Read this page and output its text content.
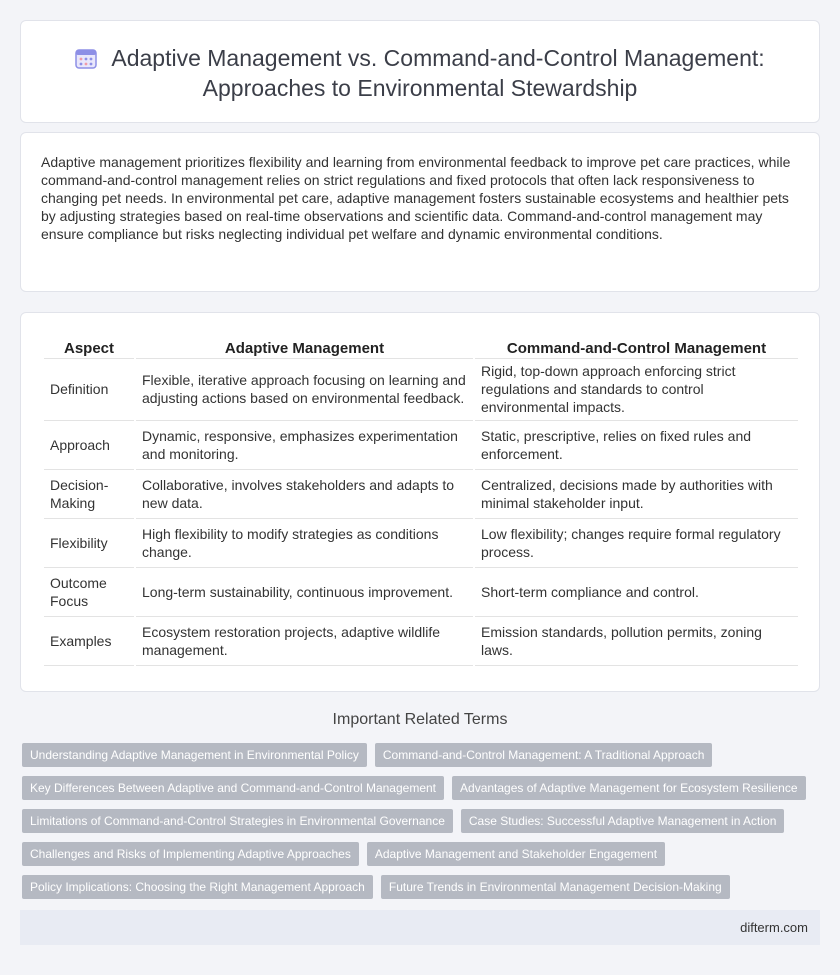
Adaptive Management vs. Command-and-Control Management: Approaches to Environmental Stewardship

Adaptive management prioritizes flexibility and learning from environmental feedback to improve pet care practices, while command-and-control management relies on strict regulations and fixed protocols that often lack responsiveness to changing pet needs. In environmental pet care, adaptive management fosters sustainable ecosystems and healthier pets by adjusting strategies based on real-time observations and scientific data. Command-and-control management may ensure compliance but risks neglecting individual pet welfare and dynamic environmental conditions.

Aspect	Adaptive Management	Command-and-Control Management
Definition	Flexible, iterative approach focusing on learning and adjusting actions based on environmental feedback.	Rigid, top-down approach enforcing strict regulations and standards to control environmental impacts.
Approach	Dynamic, responsive, emphasizes experimentation and monitoring.	Static, prescriptive, relies on fixed rules and enforcement.
Decision-Making	Collaborative, involves stakeholders and adapts to new data.	Centralized, decisions made by authorities with minimal stakeholder input.
Flexibility	High flexibility to modify strategies as conditions change.	Low flexibility; changes require formal regulatory process.
Outcome Focus	Long-term sustainability, continuous improvement.	Short-term compliance and control.
Examples	Ecosystem restoration projects, adaptive wildlife management.	Emission standards, pollution permits, zoning laws.
Important Related Terms
Understanding Adaptive Management in Environmental Policy	Command-and-Control Management: A Traditional Approach
Key Differences Between Adaptive and Command-and-Control Management	Advantages of Adaptive Management for Ecosystem Resilience
Limitations of Command-and-Control Strategies in Environmental Governance	Case Studies: Successful Adaptive Management in Action
Challenges and Risks of Implementing Adaptive Approaches	Adaptive Management and Stakeholder Engagement
Policy Implications: Choosing the Right Management Approach	Future Trends in Environmental Management Decision-Making
difterm.com
